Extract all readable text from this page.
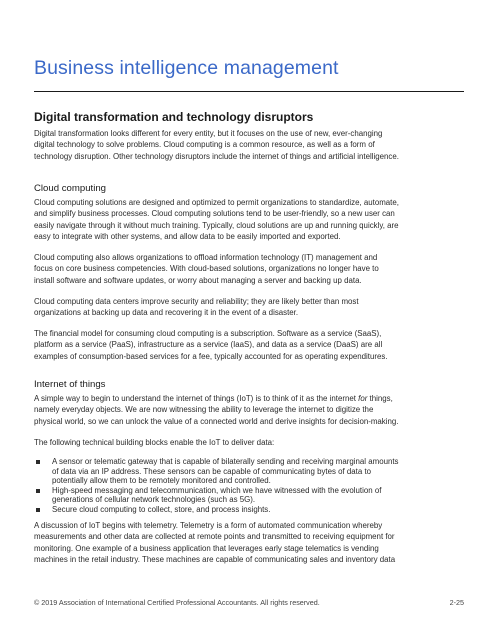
Business intelligence management
Digital transformation and technology disruptors

Digital transformation looks different for every entity, but it focuses on the use of new, ever-changing
digital technology to solve problems. Cloud computing is a common resource, as well as a form of
technology disruption. Other technology disruptors include the internet of things and artificial intelligence.

Cloud computing

Cloud computing solutions are designed and optimized to permit organizations to standardize, automate,
and simplify business processes. Cloud computing solutions tend to be user-friendly, so a new user can
easily navigate through it without much training. Typically, cloud solutions are up and running quickly, are
easy to integrate with other systems, and allow data to be easily imported and exported.

Cloud computing also allows organizations to offload information technology (IT) management and
focus on core business competencies. With cloud-based solutions, organizations no longer have to
install software and software updates, or worry about managing a server and backing up data.

Cloud computing data centers improve security and reliability; they are likely better than most
organizations at backing up data and recovering it in the event of a disaster.

The financial model for consuming cloud computing is a subscription. Software as a service (SaaS),
platform as a service (PaaS), infrastructure as a service (IaaS), and data as a service (DaaS) are all
examples of consumption-based services for a fee, typically accounted for as operating expenditures.

Internet of things

A simple way to begin to understand the internet of things (IoT) is to think of it as the internet for things,
namely everyday objects. We are now witnessing the ability to leverage the internet to digitize the
physical world, so we can unlock the value of a connected world and derive insights for decision-making.

The following technical building blocks enable the IoT to deliver data:

A sensor or telematic gateway that is capable of bilaterally sending and receiving marginal amounts
of data via an IP address. These sensors can be capable of communicating bytes of data to
potentially allow them to be remotely monitored and controlled.
High-speed messaging and telecommunication, which we have witnessed with the evolution of
generations of cellular network technologies (such as 5G).
Secure cloud computing to collect, store, and process insights.

A discussion of IoT begins with telemetry. Telemetry is a form of automated communication whereby
measurements and other data are collected at remote points and transmitted to receiving equipment for
monitoring. One example of a business application that leverages early stage telematics is vending
machines in the retail industry. These machines are capable of communicating sales and inventory data

© 2019 Association of International Certified Professional Accountants. All rights reserved.	2-25
